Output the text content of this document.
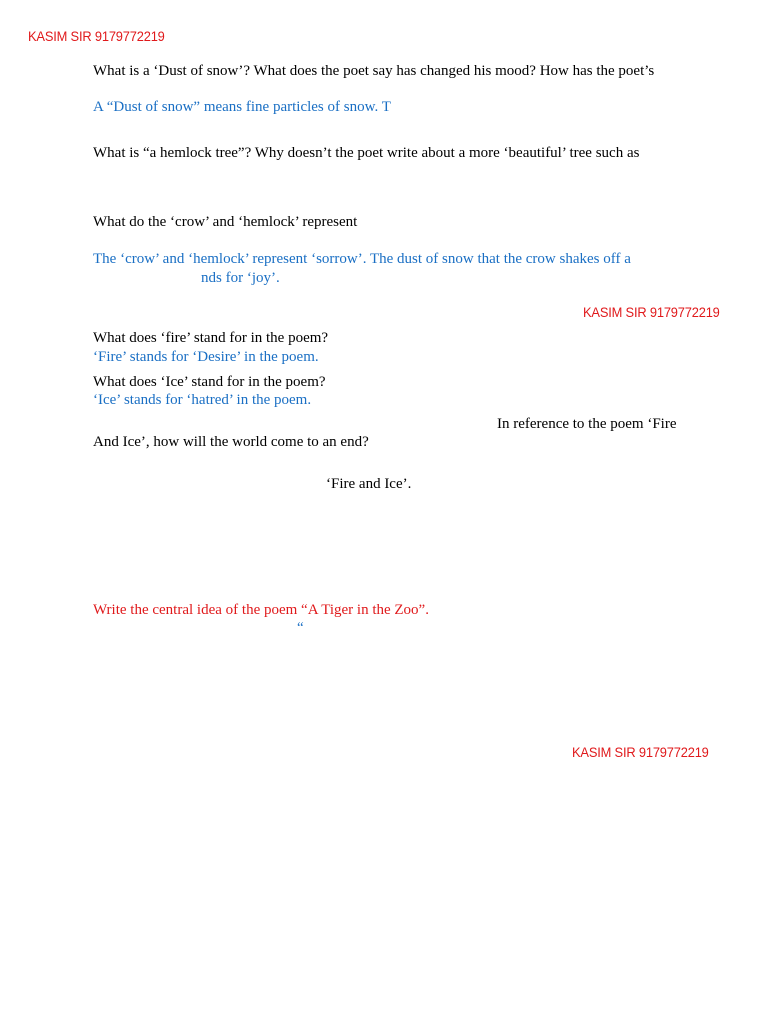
KASIM SIR 9179772219

What is a ‘Dust of snow’? What does the poet say has changed his mood? How has the poet’s

A “Dust of snow” means fine particles of snow. T

What is “a hemlock tree”? Why doesn’t the poet write about a more ‘beautiful’ tree such as

What do the ‘crow’ and ‘hemlock’ represent

The ‘crow’ and ‘hemlock’ represent ‘sorrow’. The dust of snow that the crow shakes off a

nds for ‘joy’.

KASIM SIR 9179772219

What does ‘fire’ stand for in the poem?

‘Fire’ stands for ‘Desire’ in the poem.

What does ‘Ice’ stand for in the poem?

‘Ice’ stands for ‘hatred’ in the poem.

In reference to the poem ‘Fire

And Ice’, how will the world come to an end?

‘Fire and Ice’.

Write the central idea of the poem “A Tiger in the Zoo”.

“

KASIM SIR 9179772219
